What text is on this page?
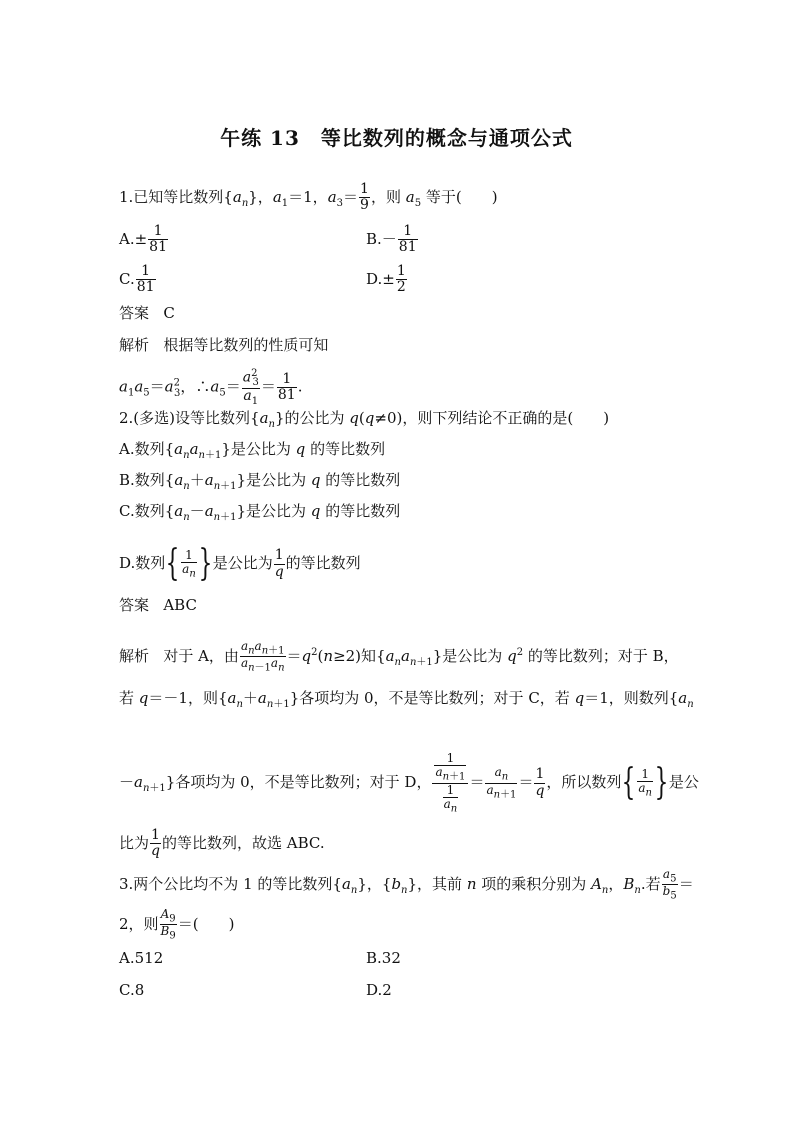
午练 13　等比数列的概念与通项公式
1.已知等比数列$\{a_n\}$，$a_1=1$，$a_3= \frac{1}{9}$ ，则 $a_5$ 等于(　　)
$A.\pm \frac{1}{81}$	$B.- \frac{1}{81}$
C. $\frac{1}{81}$	$D.\pm \frac{1}{2}$
答案 C
解析 根据等比数列的性质可知
$a_1a_5=a^2_3$，$\therefore a_5= \frac{a^2_3}{a_1} = \frac{1}{81}$ .
2.(多选)设等比数列$\{a_n\}$的公比为 q(q≠0)，则下列结论不正确的是(　　)
A.数列$\{a_na_{n+1}\}$是公比为 q 的等比数列
B.数列$\{a_n+a_{n+1}\}$是公比为 q 的等比数列
C.数列$\{a_n-a_{n+1}\}$是公比为 q 的等比数列
D.数列{ $\frac{1}{a_n}$ }是公比为 $\frac{1}{q}$ 的等比数列
答案 ABC
解析 对于 A，由 $\frac{a_na_{n+1}}{a_{n-1}a_n} =q^2(n\ge 2)$知$\{a_na_{n+1}\}$是公比为 $q^2$ 的等比数列；对于 B，
若 q＝－1，则$\{a_n+a_{n+1}\}$各项均为 0，不是等比数列；对于 C，若 q＝1，则数列{$a_n$
$-a_{n+1}$}各项均为 0，不是等比数列；对于 D， $\frac{\frac{1}{a_{n+1}}}{\frac{1}{a_n}} = \frac{a_n}{a_{n+1}} = \frac{1}{q}$ ，所以数列{ $\frac{1}{a_n}$ }是公
比为 $\frac{1}{q}$ 的等比数列，故选 ABC.
3.两个公比均不为 1 的等比数列$\{a_n\}$，$\{b_n\}$，其前 n 项的乘积分别为 $A_n$，$B_n$.若 $\frac{a_5}{b_5}$ ＝
2，则 $\frac{A_9}{B_9}$ ＝(　　)
A.512	B.32
C.8	D.2
